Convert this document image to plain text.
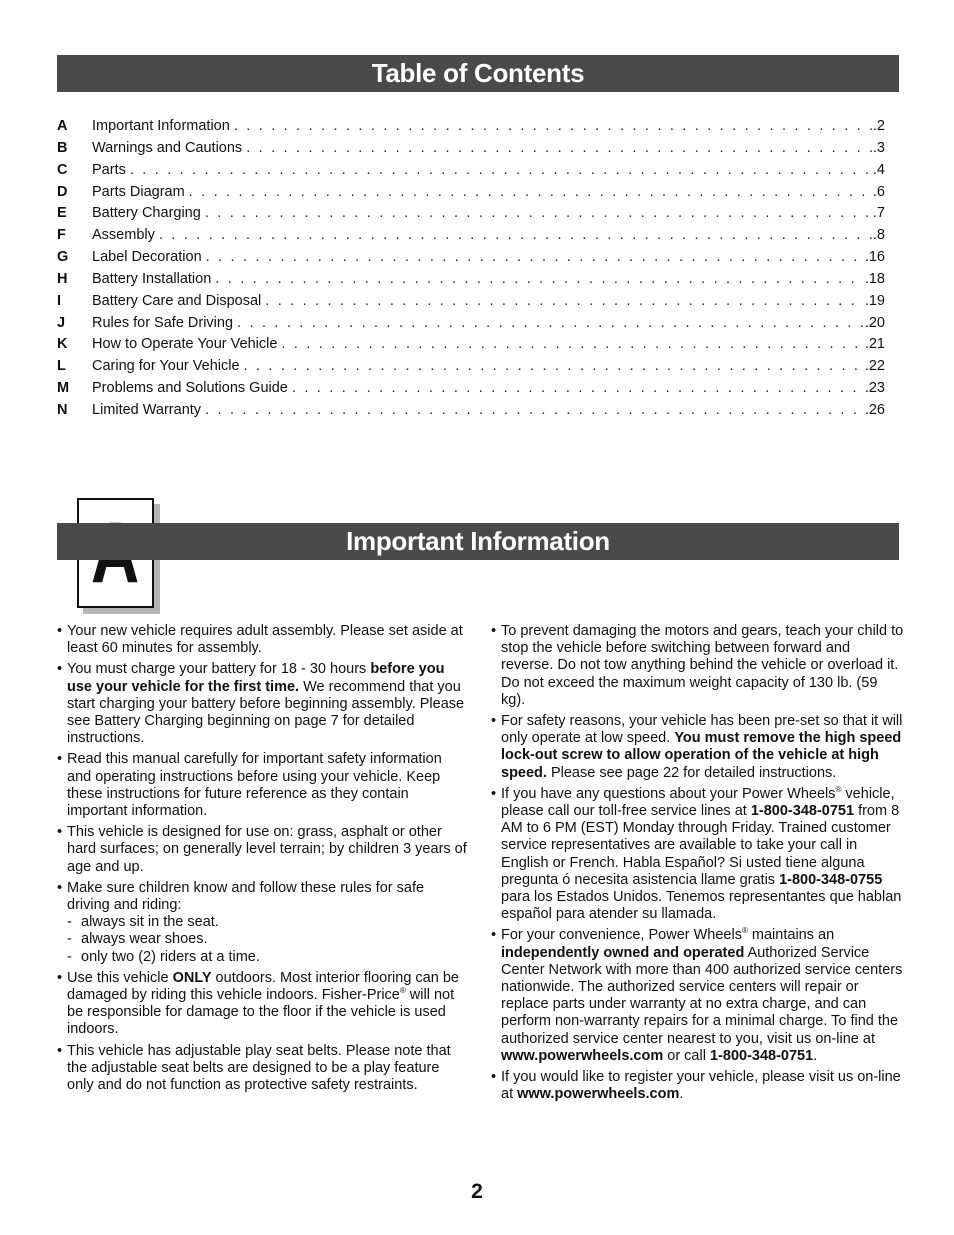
Table of Contents
A	Important Information . . .	.2
B	Warnings and Cautions . . .	.3
C	Parts . . .	.4
D	Parts Diagram . . .	.6
E	Battery Charging . . .	.7
F	Assembly . . .	.8
G	Label Decoration . . .	.16
H	Battery Installation . . .	.18
I	Battery Care and Disposal . . .	.19
J	Rules for Safe Driving . . .	.20
K	How to Operate Your Vehicle . . .	.21
L	Caring for Your Vehicle . . .	.22
M	Problems and Solutions Guide . . .	.23
N	Limited Warranty . . .	.26
Important Information
• Your new vehicle requires adult assembly. Please set aside at least 60 minutes for assembly.
• You must charge your battery for 18 - 30 hours before you use your vehicle for the first time. We recommend that you start charging your battery before beginning assembly. Please see Battery Charging beginning on page 7 for detailed instructions.
• Read this manual carefully for important safety information and operating instructions before using your vehicle. Keep these instructions for future reference as they contain important information.
• This vehicle is designed for use on: grass, asphalt or other hard surfaces; on generally level terrain; by children 3 years of age and up.
• Make sure children know and follow these rules for safe driving and riding:
- always sit in the seat.
- always wear shoes.
- only two (2) riders at a time.
• Use this vehicle ONLY outdoors. Most interior flooring can be damaged by riding this vehicle indoors. Fisher-Price® will not be responsible for damage to the floor if the vehicle is used indoors.
• This vehicle has adjustable play seat belts. Please note that the adjustable seat belts are designed to be a play feature only and do not function as protective safety restraints.
• To prevent damaging the motors and gears, teach your child to stop the vehicle before switching between forward and reverse. Do not tow anything behind the vehicle or overload it. Do not exceed the maximum weight capacity of 130 lb. (59 kg).
• For safety reasons, your vehicle has been pre-set so that it will only operate at low speed. You must remove the high speed lock-out screw to allow operation of the vehicle at high speed. Please see page 22 for detailed instructions.
• If you have any questions about your Power Wheels® vehicle, please call our toll-free service lines at 1-800-348-0751 from 8 AM to 6 PM (EST) Monday through Friday. Trained customer service representatives are available to take your call in English or French. Habla Español? Si usted tiene alguna pregunta ó necesita asistencia llame gratis 1-800-348-0755 para los Estados Unidos. Tenemos representantes que hablan español para atender su llamada.
• For your convenience, Power Wheels® maintains an independently owned and operated Authorized Service Center Network with more than 400 authorized service centers nationwide. The authorized service centers will repair or replace parts under warranty at no extra charge, and can perform non-warranty repairs for a minimal charge. To find the authorized service center nearest to you, visit us on-line at www.powerwheels.com or call 1-800-348-0751.
• If you would like to register your vehicle, please visit us on-line at www.powerwheels.com.
2
